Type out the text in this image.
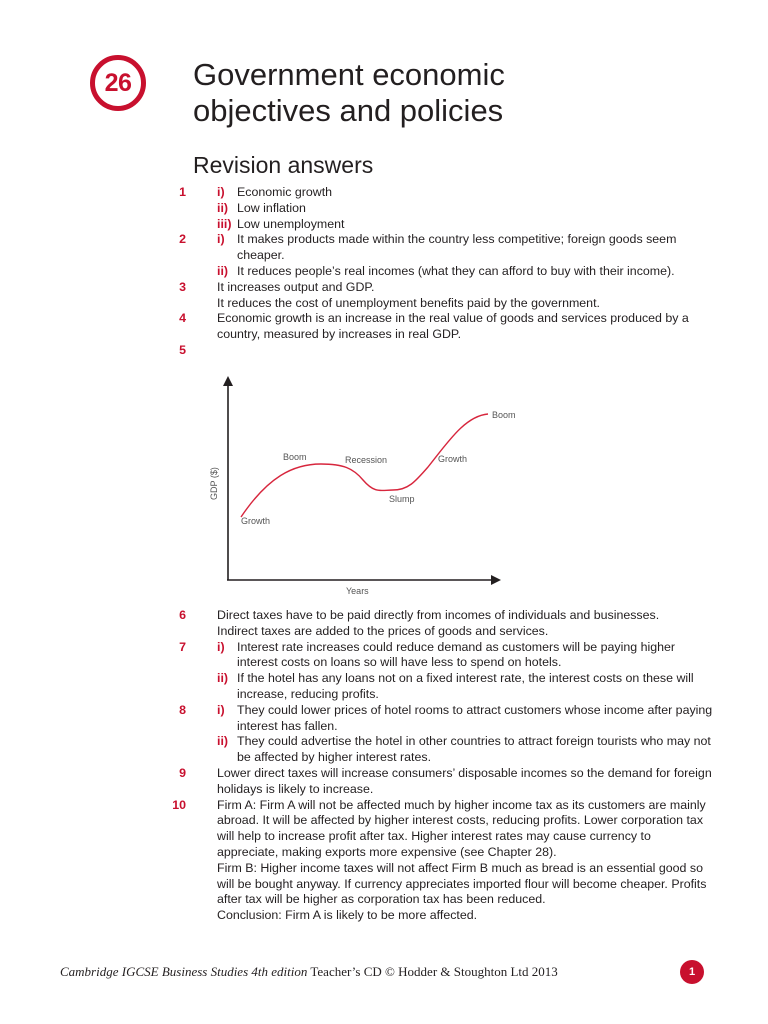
26	Government economic
objectives and policies
Revision answers
1	i) Economic growth
ii) Low inflation
iii) Low unemployment
2	i) It makes products made within the country less competitive; foreign goods seem cheaper.
ii) It reduces people’s real incomes (what they can afford to buy with their income).
3	It increases output and GDP.
It reduces the cost of unemployment benefits paid by the government.
4	Economic growth is an increase in the real value of goods and services produced by a country, measured by increases in real GDP.
5

Growth
Boom	Recession
Slump
Growth
Boom
GDP ($)
Years
6	Direct taxes have to be paid directly from incomes of individuals and businesses.
Indirect taxes are added to the prices of goods and services.
7	i) Interest rate increases could reduce demand as customers will be paying higher interest costs on loans so will have less to spend on hotels.
ii) If the hotel has any loans not on a fixed interest rate, the interest costs on these will increase, reducing profits.
8	i) They could lower prices of hotel rooms to attract customers whose income after paying interest has fallen.
ii) They could advertise the hotel in other countries to attract foreign tourists who may not be affected by higher interest rates.
9	Lower direct taxes will increase consumers’ disposable incomes so the demand for foreign holidays is likely to increase.
10	Firm A: Firm A will not be affected much by higher income tax as its customers are mainly abroad. It will be affected by higher interest costs, reducing profits. Lower corporation tax will help to increase profit after tax. Higher interest rates may cause currency to appreciate, making exports more expensive (see Chapter 28).
Firm B: Higher income taxes will not affect Firm B much as bread is an essential good so will be bought anyway. If currency appreciates imported flour will become cheaper. Profits after tax will be higher as corporation tax has been reduced.
Conclusion: Firm A is likely to be more affected.
Cambridge IGCSE Business Studies 4th edition Teacher’s CD © Hodder & Stoughton Ltd 2013	1
